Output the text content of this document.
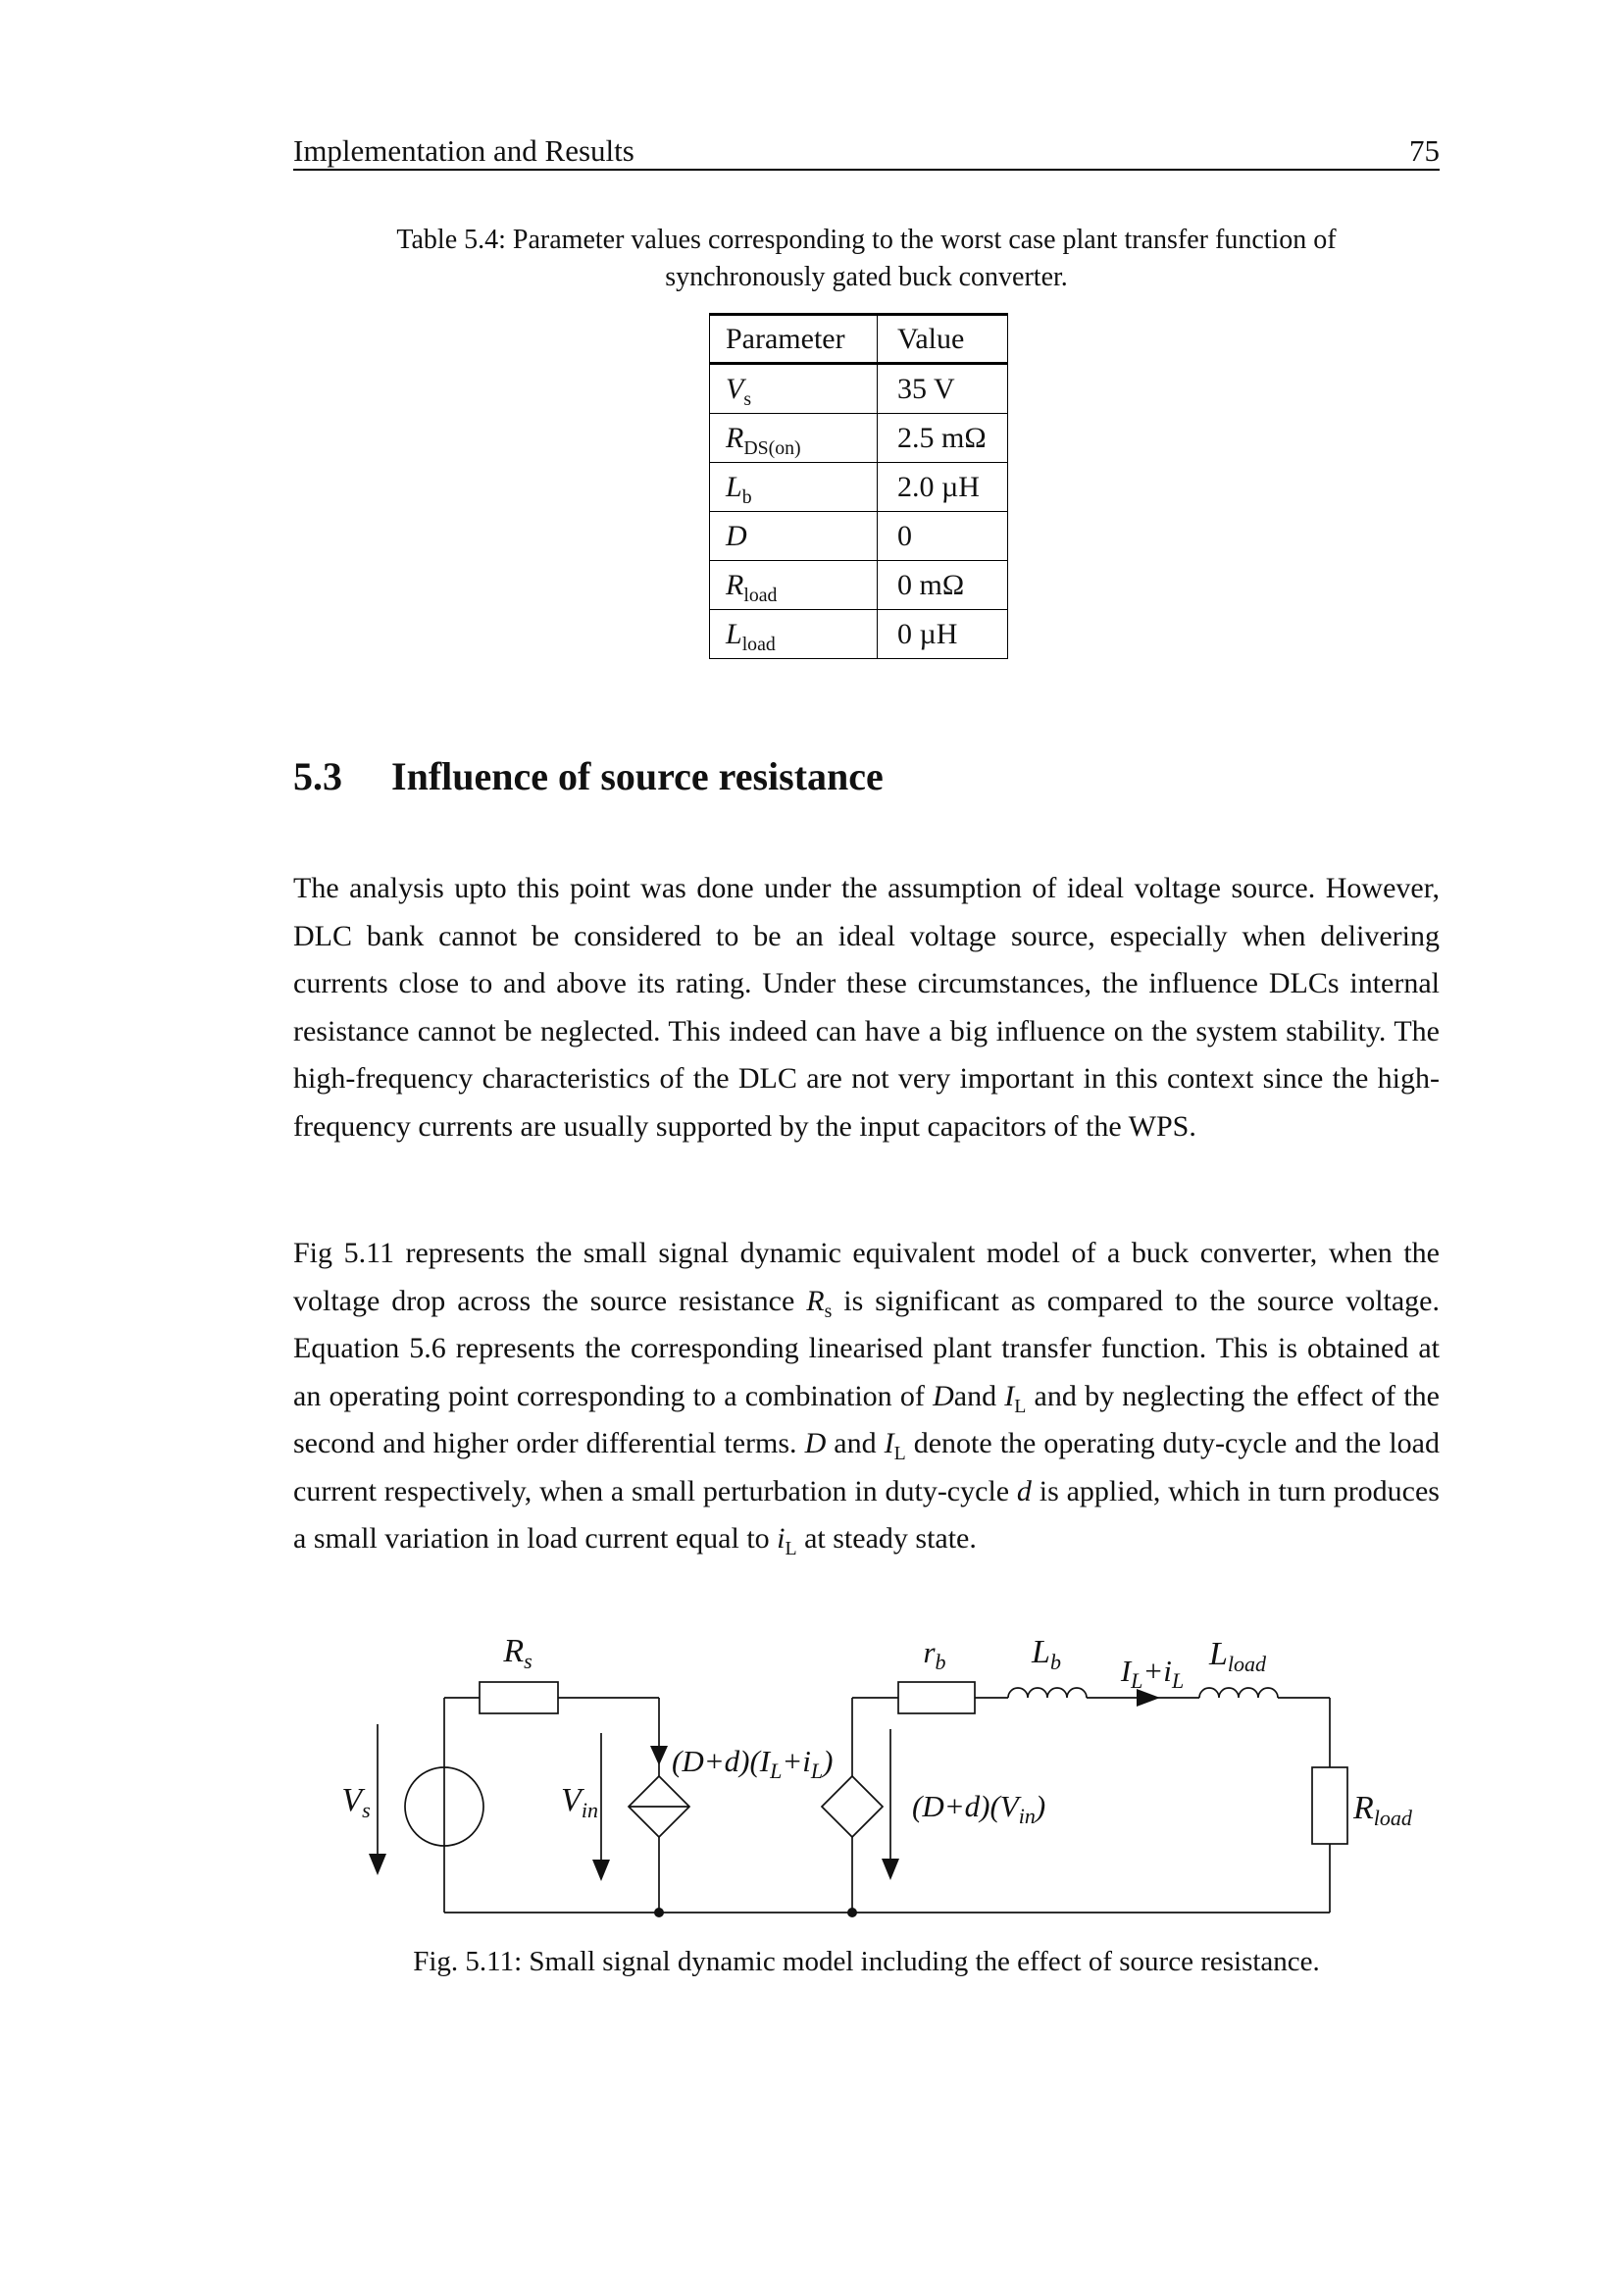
Implementation and Results	75
Table 5.4: Parameter values corresponding to the worst case plant transfer function of
synchronously gated buck converter.
Parameter	Value
$V_s$	35 V
$R_{DS(on)}$	2.5 mΩ
$L_b$	2.0 µH
D	0
$R_{load}$	0 mΩ
$L_{load}$	0 µH
5.3 Influence of source resistance
The analysis upto this point was done under the assumption of ideal voltage source. However, DLC bank cannot be considered to be an ideal voltage source, especially when delivering currents close to and above its rating. Under these circumstances, the influence DLCs internal resistance cannot be neglected. This indeed can have a big influence on the system stability. The high-frequency characteristics of the DLC are not very important in this context since the high-frequency currents are usually supported by the input capacitors of the WPS.
Fig 5.11 represents the small signal dynamic equivalent model of a buck converter, when the voltage drop across the source resistance $R_s$ is significant as compared to the source voltage. Equation 5.6 represents the corresponding linearised plant transfer function. This is obtained at an operating point corresponding to a combination of Dand $I_L$ and by neglecting the effect of the second and higher order differential terms. D and $I_L$ denote the operating duty-cycle and the load current respectively, when a small perturbation in duty-cycle d is applied, which in turn produces a small variation in load current equal to $i_L$ at steady state.
$V_s$
$R_s$
$V_{in}$
$(D+d)(I_L+i_L)$
$(D+d)(V_{in})$
$r_b$	$L_b$ $I_L+i_L$
$L_{load}$
$R_{load}$
Fig. 5.11: Small signal dynamic model including the effect of source resistance.
